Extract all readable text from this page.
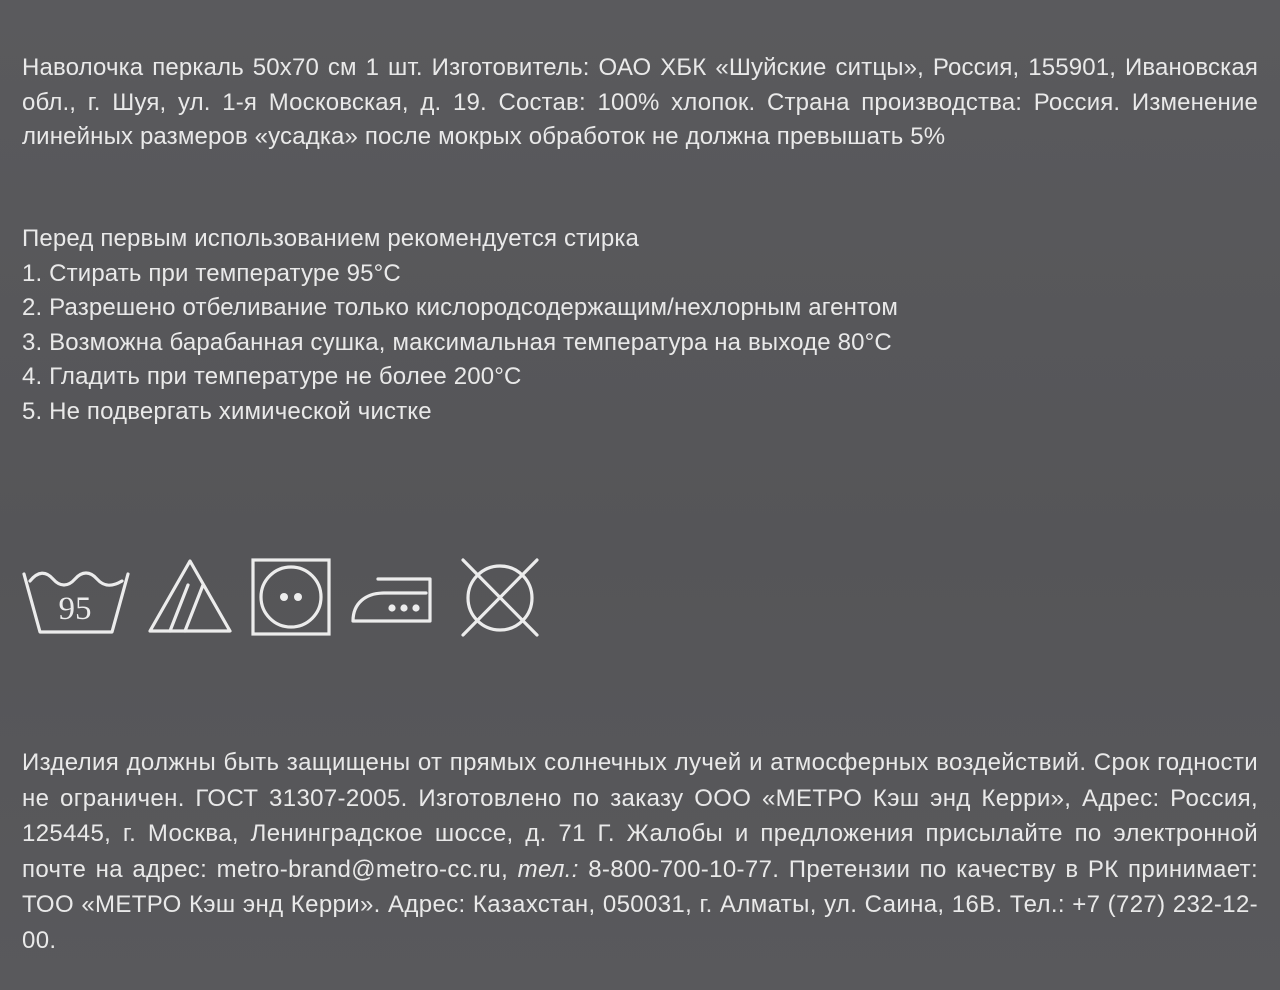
Наволочка перкаль 50х70 см 1 шт. Изготовитель: ОАО ХБК «Шуйские ситцы», Россия, 155901, Ивановская обл., г. Шуя, ул. 1-я Московская, д. 19. Состав: 100% хлопок. Страна производства: Россия. Изменение линейных размеров «усадка» после мокрых обработок не должна превышать 5%
Перед первым использованием рекомендуется стирка
1. Стирать при температуре 95°C
2. Разрешено отбеливание только кислородсодержащим/нехлорным агентом
3. Возможна барабанная сушка, максимальная температура на выходе 80°C
4. Гладить при температуре не более 200°C
5. Не подвергать химической чистке
95
Изделия должны быть защищены от прямых солнечных лучей и атмосферных воздействий. Срок годности не ограничен. ГОСТ 31307-2005. Изготовлено по заказу ООО «МЕТРО Кэш энд Керри», Адрес: Россия, 125445, г. Москва, Ленинградское шоссе, д. 71 Г. Жалобы и предложения присылайте по электронной почте на адрес: metro-brand@metro-cc.ru, тел.: 8-800-700-10-77. Претензии по качеству в РК принимает: ТОО «МЕТРО Кэш энд Керри». Адрес: Казахстан, 050031, г. Алматы, ул. Саина, 16В. Тел.: +7 (727) 232-12-00.
